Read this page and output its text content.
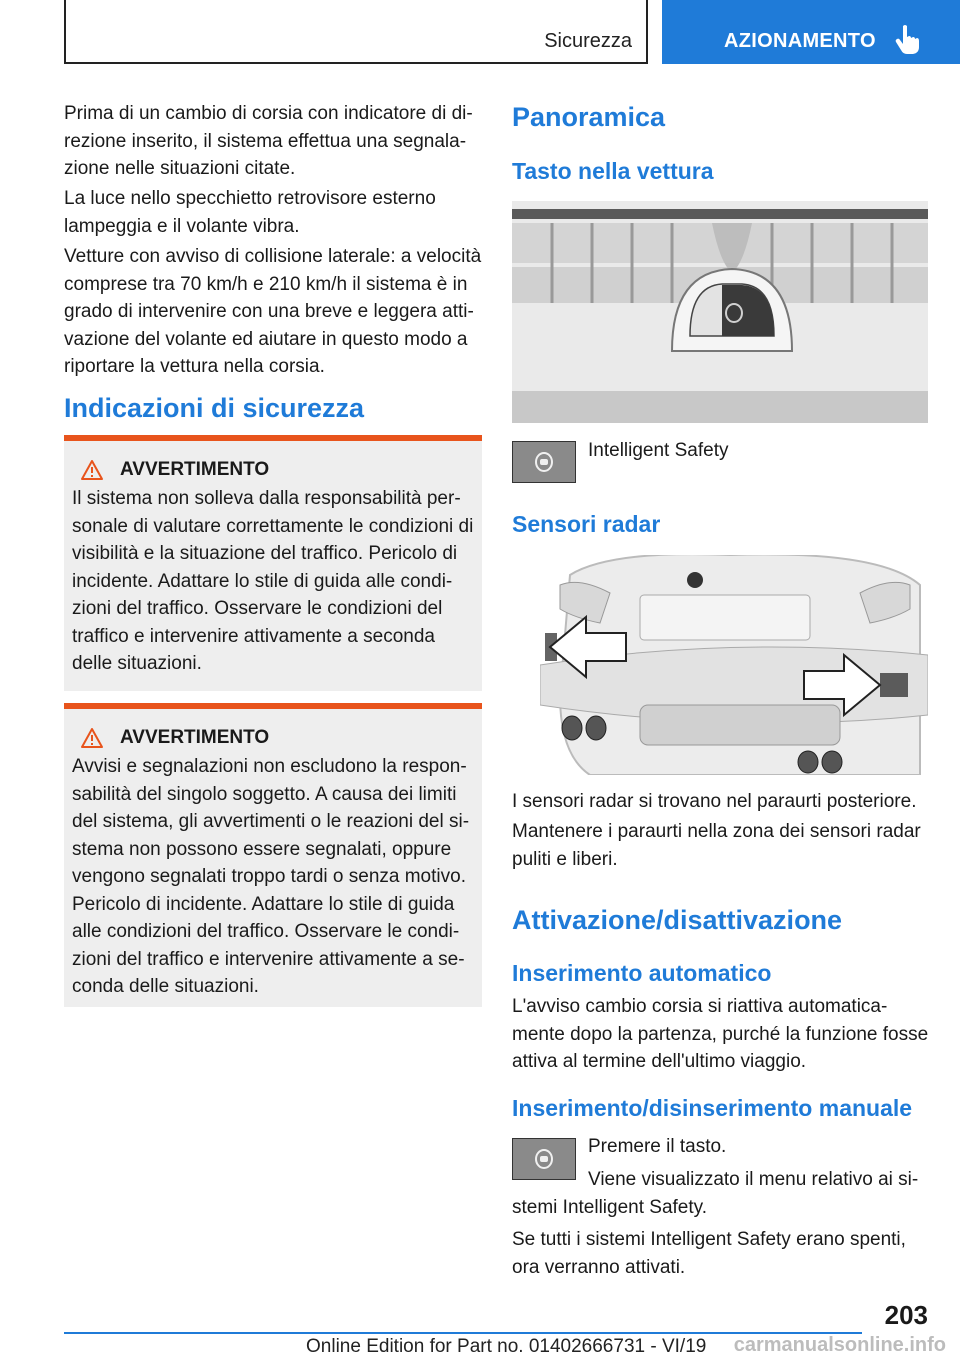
Sicurezza	AZIONAMENTO

Prima di un cambio di corsia con indicatore di direzione inserito, il sistema effettua una segnalazione nelle situazioni citate.

La luce nello specchietto retrovisore esterno lampeggia e il volante vibra.

Vetture con avviso di collisione laterale: a velocità comprese tra 70 km/h e 210 km/h il sistema è in grado di intervenire con una breve e leggera attivazione del volante ed aiutare in questo modo a riportare la vettura nella corsia.

Indicazioni di sicurezza
AVVERTIMENTO

Il sistema non solleva dalla responsabilità personale di valutare correttamente le condizioni di visibilità e la situazione del traffico. Pericolo di incidente. Adattare lo stile di guida alle condizioni del traffico. Osservare le condizioni del traffico e intervenire attivamente a seconda delle situazioni.

AVVERTIMENTO

Avvisi e segnalazioni non escludono la responsabilità del singolo soggetto. A causa dei limiti del sistema, gli avvertimenti o le reazioni del sistema non possono essere segnalati, oppure vengono segnalati troppo tardi o senza motivo. Pericolo di incidente. Adattare lo stile di guida alle condizioni del traffico. Osservare le condizioni del traffico e intervenire attivamente a seconda delle situazioni.

Panoramica
Tasto nella vettura
Intelligent Safety
Sensori radar

I sensori radar si trovano nel paraurti posteriore.

Mantenere i paraurti nella zona dei sensori radar puliti e liberi.

Attivazione/disattivazione
Inserimento automatico

L'avviso cambio corsia si riattiva automaticamente dopo la partenza, purché la funzione fosse attiva al termine dell'ultimo viaggio.

Inserimento/disinserimento manuale
Premere il tasto.

Viene visualizzato il menu relativo ai sistemi Intelligent Safety.

Se tutti i sistemi Intelligent Safety erano spenti, ora verranno attivati.

203
Online Edition for Part no. 01402666731 - VI/19 carmanualsonline.info
